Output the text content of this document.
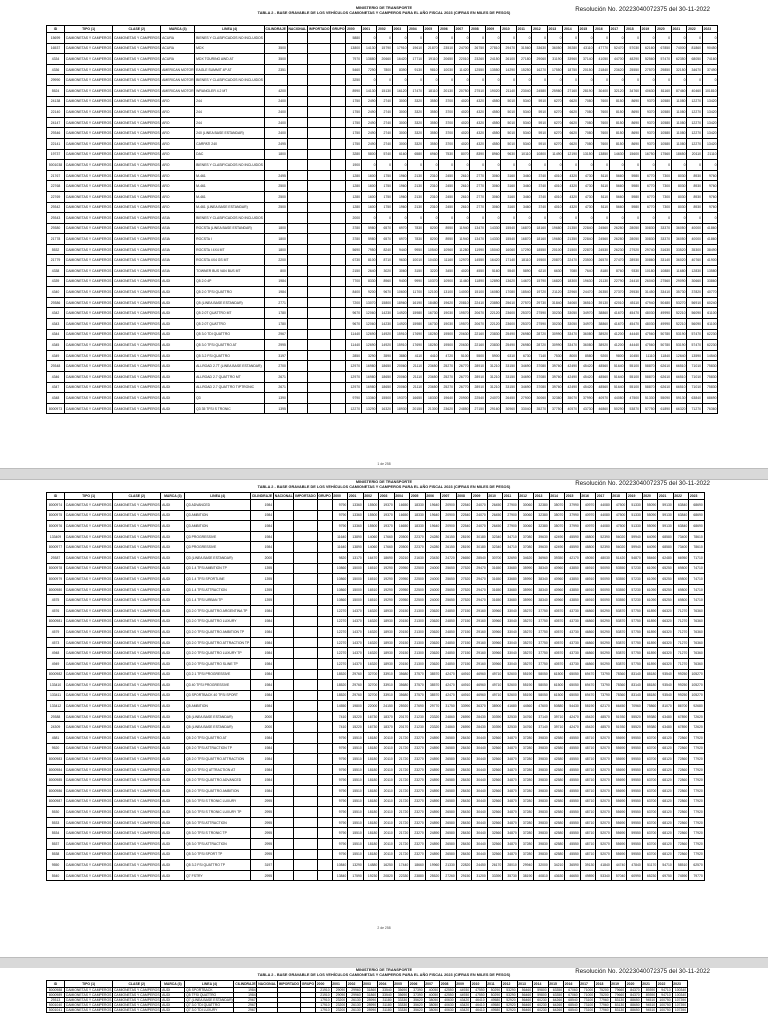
MINISTERIO DE TRANSPORTE
TABLA 2 - BASE GRAVABLE DE LOS VEHÍCULOS CAMIONETAS Y CAMPEROS PARA EL AÑO FISCAL 2023 (CIFRAS EN MILES DE PESOS)	Resolución No. 20223040072375 del 30-11-2022
ID	TIPO (1)	CLASE (2)	MARCA (3)	LINEA (4)	CILINDRAJE	NACIONAL	IMPORTADO	GRUPO	2000	2001	2002	2003	2004	2005	2006	2007	2008	2009	2010	2011	2012	2013	2014	2015	2016	2017	2018	2019	2020	2021	2022	2023
15699	CAMIONETAS Y CAMPEROS	CAMIONETAS Y CAMPEROS	ACURA	BIENES Y CLASIFICADOS NO INCLUIDOS					5880	0	0	0	0	0	0	0	0	0	0	0	0	0	0	0	0	0	0	0	0	0	0	0
16537	CAMIONETAS Y CAMPEROS	CAMIONETAS Y CAMPEROS	ACURA	MDX	3500				13800	14130	15790	17910	19610	21870	23510	24700	26750	27810	29470	31560	33630	36050	39280	43110	47770	52470	57030	62160	67850	74000	81860	90450
4334	CAMIONETAS Y CAMPEROS	CAMIONETAS Y CAMPEROS	ACURA	MDX TOURING AWD AT	3500				7970	13880	20660	16420	17710	19110	20650	22010	23260	24150	26100	27180	29060	31190	33960	37140	41050	44700	48290	52560	57470	62350	68050	74160
4336	CAMIONETAS Y CAMPEROS	CAMIONETAS Y CAMPEROS	AMERICAN MOTOR	EAGLE SUMMIT 4P AT	2351				5460	7290	7800	8390	9130	9810	10030	11420	12550	13550	14290	15250	16270	17550	18750	20150	21840	23620	25550	27570	29850	32150	34670	37490
29990	CAMIONETAS Y CAMPEROS	CAMIONETAS Y CAMPEROS	AMERICAN MOTOR	BIENES Y CLASIFICADOS NO INCLUIDOS					3250	0	0	0	0	0	0	0	0	0	0	0	0	0	0	0	0	0	0	0	0	0	0	0
5524	CAMIONETAS Y CAMPEROS	CAMIONETAS Y CAMPEROS	AMERICAN MOTOR	WRANGLER 4.2 MT	4200				8990	14130	15130	16120	17470	18110	20130	20750	27510	19020	21140	23040	24580	25980	27160	28190	30400	32120	34760	40630	81160	87460	40460	101810
24138	CAMIONETAS Y CAMPEROS	CAMIONETAS Y CAMPEROS	ARO	244	2400				1750	2490	2740	3000	3320	3550	3700	4020	4320	4550	5010	5340	5910	6270	6620	7080	7600	8150	8690	9370	10580	11080	12270	13420
22140	CAMIONETAS Y CAMPEROS	CAMIONETAS Y CAMPEROS	ARO	244	2400				1750	2490	2740	3000	3320	3550	3700	4020	4320	4550	5010	5340	5910	6270	6620	7080	7600	8150	8690	9370	10580	11080	12270	13420
24147	CAMIONETAS Y CAMPEROS	CAMIONETAS Y CAMPEROS	ARO	244	2400				1750	2490	2740	3000	3320	3550	3700	4020	4320	4550	5010	5340	5910	6270	6620	7080	7600	8150	8690	9370	10580	11080	12270	13420
29346	CAMIONETAS Y CAMPEROS	CAMIONETAS Y CAMPEROS	ARO	240 (LINEA BASE ESTANDAR)	2400				1750	2490	2740	3000	3320	3550	3700	4020	4320	4550	5010	5340	5910	6270	6620	7080	7600	8150	8690	9370	10580	11080	12270	13420
22141	CAMIONETAS Y CAMPEROS	CAMIONETAS Y CAMPEROS	ARO	CARPATI 240	2495				1750	2490	2740	3000	3320	3550	3700	4020	4320	4550	5010	5340	5910	6270	6620	7080	7600	8150	8690	9370	10580	11080	12270	13420
19737	CAMIONETAS Y CAMPEROS	CAMIONETAS Y CAMPEROS	ARO	DAC	1800				3280	5800	5740	6160	6580	6960	7530	8070	8390	8960	9630	10110	10800	11490	12190	13150	13850	14630	15600	16750	17560	18650	20110	21110
5001038	CAMIONETAS Y CAMPEROS	CAMIONETAS Y CAMPEROS	ARO	BIENES Y CLASIFICADOS NO INCLUIDOS					1900	0	0	0	0	0	0	0	0	0	0	0	0	0	0	0	0	0	0	0	0	0	0	0
21767	CAMIONETAS Y CAMPEROS	CAMIONETAS Y CAMPEROS	ARO	M-461	2495				1280	1600	1750	1960	2130	2310	2450	2610	2770	3060	3160	3460	3740	4010	4320	4730	5110	5660	5980	6770	7300	8030	8930	9760
22768	CAMIONETAS Y CAMPEROS	CAMIONETAS Y CAMPEROS	ARO	M-461	2500				1280	1600	1750	1960	2130	2310	2450	2610	2770	3060	3160	3460	3740	4010	4320	4730	5110	5660	5980	6770	7300	8030	8930	9760
22769	CAMIONETAS Y CAMPEROS	CAMIONETAS Y CAMPEROS	ARO	M-461	2500				1280	1600	1750	1960	2130	2310	2450	2610	2770	3060	3160	3460	3740	4010	4320	4730	5110	5660	5980	6770	7300	8030	8930	9760
29342	CAMIONETAS Y CAMPEROS	CAMIONETAS Y CAMPEROS	ARO	M-461 (LINEA BASE ESTANDAR)	2500				1280	1600	1750	1960	2130	2310	2450	2610	2770	3060	3160	3460	3740	4010	4320	4730	5110	5660	5980	6770	7300	8030	8930	9760
29343	CAMIONETAS Y CAMPEROS	CAMIONETAS Y CAMPEROS	ASIA	BIENES Y CLASIFICADOS NO INCLUIDOS					2000	0	0	0	0	0	0	0	0	0	0	0	0	0	0	0	0	0	0	0	0	0	0	0
29380	CAMIONETAS Y CAMPEROS	CAMIONETAS Y CAMPEROS	ASIA	ROCSTA (LINEA BASE ESTANDAR)	1800				3780	5980	6570	6970	7830	8200	8950	11940	13470	14330	15540	16870	18160	19680	21350	22840	24560	26280	28050	30830	33370	36050	40000	41860
21778	CAMIONETAS Y CAMPEROS	CAMIONETAS Y CAMPEROS	ASIA	ROCSTA I	1800				3780	5980	6570	6970	7830	8200	8950	11940	13470	14330	15540	16870	18160	19680	21350	22840	24560	26280	28050	30830	33370	36050	40000	41860
5532	CAMIONETAS Y CAMPEROS	CAMIONETAS Y CAMPEROS	ASIA	ROCSTA I 4X4 MT	1800				5690	7950	8240	9440	9950	10540	10960	11280	11990	15040	16060	17290	18550	20100	21500	22870	24530	26230	27920	29740	31630	33520	35300	38490
21779	CAMIONETAS Y CAMPEROS	CAMIONETAS Y CAMPEROS	ASIA	ROCSTA 4X4 GS MT	2200				6730	8100	8710	9630	10010	10430	11160	12970	14550	16420	17140	18110	19500	20870	22470	23500	26570	27470	28930	30860	33140	36020	40760	41900
4338	CAMIONETAS Y CAMPEROS	CAMIONETAS Y CAMPEROS	ASIA	TOWNER BUS VAN BUS MT	800				2150	2640	3020	3060	3150	3220	3450	4020	4550	5160	5540	5890	6210	6630	7080	7640	8180	8760	9330	10180	10880	11680	12830	13580
4339	CAMIONETAS Y CAMPEROS	CAMIONETAS Y CAMPEROS	AUDI	Q5 2.0 4P	1984				7700	8330	8960	9400	9990	10370	10900	11460	11890	12890	13620	14670	15790	16820	18300	19630	21130	22790	24410	26040	27560	29090	30660	33860
4340	CAMIONETAS Y CAMPEROS	CAMIONETAS Y CAMPEROS	AUDI	Q5 2.0 TFSI QUATTRO	1984				8400	9200	9670	10600	11700	12100	13100	14000	15100	16080	17080	18540	19720	21120	22960	24470	26350	27370	29530	31450	33410	35730	37820	40770
29386	CAMIONETAS Y CAMPEROS	CAMIONETAS Y CAMPEROS	AUDI	Q5 (LINEA BASE ESTANDAR)	2771				7200	13070	15800	18960	16190	18480	19620	20810	22410	23850	25610	27570	29730	31840	34060	36510	39130	42010	45110	47940	50480	53270	56910	60240
4342	CAMIONETAS Y CAMPEROS	CAMIONETAS Y CAMPEROS	AUDI	Q5 2.0T QUATTRO MT	1780				9670	12060	14230	14920	15980	16730	19030	19570	20670	22120	23600	25370	27590	30230	33050	34970	38860	41670	45470	48030	49990	52210	56090	61100
4343	CAMIONETAS Y CAMPEROS	CAMIONETAS Y CAMPEROS	AUDI	Q5 2.0T QUATTRO	1780				9670	12060	14230	14920	15980	16730	19030	19570	20670	22120	23600	25370	27590	30230	33050	34970	38860	41670	45470	48030	49990	52210	56090	61100
4344	CAMIONETAS Y CAMPEROS	CAMIONETAS Y CAMPEROS	AUDI	Q5 3.0 TDI QUATTRO	2967				11440	12690	14920	15910	17690	18250	19500	20630	22160	23830	25490	26980	28720	30990	33470	36080	38920	41200	44440	47560	50780	53190	57470	62230
4345	CAMIONETAS Y CAMPEROS	CAMIONETAS Y CAMPEROS	AUDI	Q5 3.0 TFSI QUATTRO AT	2995				11440	12690	14920	15910	17690	18250	19500	20630	22160	23830	25490	26980	28720	30990	33470	36080	38920	41200	44440	47560	50780	53190	57470	62230
4349	CAMIONETAS Y CAMPEROS	CAMIONETAS Y CAMPEROS	AUDI	Q5 3.2 FSI QUATTRO	3197				2850	3290	3590	3880	4110	4410	4720	5100	5500	5900	6310	6730	7140	7530	8000	8580	9200	9800	10450	11110	11840	12640	13590	14540
29348	CAMIONETAS Y CAMPEROS	CAMIONETAS Y CAMPEROS	AUDI	ALLROAD 2.7T (LINEA BASE ESTANDAR)	2700				12970	16980	18650	20060	21110	23650	25270	26770	28910	31210	33150	34690	37080	39760	42490	45420	48560	51640	55100	58870	62610	66510	71010	75830
4346	CAMIONETAS Y CAMPEROS	CAMIONETAS Y CAMPEROS	AUDI	ALLROAD 2.7 QUATTRO MT	2671				12970	16980	18650	20060	21110	23650	25270	26770	28910	31210	33150	34690	37080	39760	42490	45420	48560	51640	55100	58870	62610	66510	71010	75830
4347	CAMIONETAS Y CAMPEROS	CAMIONETAS Y CAMPEROS	AUDI	ALLROAD 2.7 QUATTRO TIPTRONIC	2671				12970	16980	18650	20060	21110	23650	25270	26770	28910	31210	33150	34690	37080	39760	42490	45420	48560	51640	55100	58870	62610	66510	71010	75830
4348	CAMIONETAS Y CAMPEROS	CAMIONETAS Y CAMPEROS	AUDI	Q3	1390				9790	13360	15500	19370	16650	18330	19640	20900	22540	24070	26450	27900	30060	32380	35070	37990	40970	44080	47500	51330	55090	59130	63840	68690
8000973	CAMIONETAS Y CAMPEROS	CAMIONETAS Y CAMPEROS	AUDI	Q3 35 TFSI S TRONIC	1395				12270	13290	16320	18930	20150	21300	23620	24850	27150	29160	30960	33040	35270	37750	40570	43730	46860	50290	53870	57750	61890	66320	71270	76360
1 de 258
MINISTERIO DE TRANSPORTE
TABLA 2 - BASE GRAVABLE DE LOS VEHÍCULOS CAMIONETAS Y CAMPEROS PARA EL AÑO FISCAL 2023 (CIFRAS EN MILES DE PESOS)	Resolución No. 20223040072375 del 30-11-2022
ID	TIPO (1)	CLASE (2)	MARCA (3)	LINEA (4)	CILINDRAJE	NACIONAL	IMPORTADO	GRUPO	2000	2001	2002	2003	2004	2005	2006	2007	2008	2009	2010	2011	2012	2013	2014	2015	2016	2017	2018	2019	2020	2021	2022	2023
8000974	CAMIONETAS Y CAMPEROS	CAMIONETAS Y CAMPEROS	AUDI	Q3 ADVANCED	1984				9790	13360	15500	19370	16650	18330	19640	20900	22540	24070	26450	27900	30060	32380	35070	37990	40970	44080	47500	51330	55090	59130	63840	68690
8000975	CAMIONETAS Y CAMPEROS	CAMIONETAS Y CAMPEROS	AUDI	Q3 AMBITION	1984				9790	13360	15500	19370	16650	18330	19640	20900	22540	24070	26450	27900	30060	32380	35070	37990	40970	44080	47500	51330	55090	59130	63840	68690
8000976	CAMIONETAS Y CAMPEROS	CAMIONETAS Y CAMPEROS	AUDI	Q3 AMBITION	1984				9790	13360	15500	19370	16650	18330	19640	20900	22540	24070	26450	27900	30060	32380	35070	37990	40970	44080	47500	51330	55090	59130	63840	68690
133409	CAMIONETAS Y CAMPEROS	CAMIONETAS Y CAMPEROS	AUDI	Q3 PROGRESSIVE	1984				11640	13890	14060	17660	20500	22370	24280	26150	28190	30180	32340	34710	37080	39630	42490	45590	48800	52390	56020	59940	64090	68580	73400	78610
8000977	CAMIONETAS Y CAMPEROS	CAMIONETAS Y CAMPEROS	AUDI	Q3 PROGRESSIVE	1984				11640	13890	14060	17660	20500	22370	24280	26150	28190	30180	32340	34710	37080	39630	42490	45590	48800	52390	56020	59940	64090	68580	73400	78610
29387	CAMIONETAS Y CAMPEROS	CAMIONETAS Y CAMPEROS	AUDI	Q3 (LINEA BASE ESTANDAR)	2000				9820	13170	16470	18690	20210	21630	23430	24720	26650	28540	30700	32690	34620	36960	39350	42170	45050	48030	51420	54870	58460	62480	66950	71710
8000978	CAMIONETAS Y CAMPEROS	CAMIONETAS Y CAMPEROS	AUDI	Q3 1.4 TFSI AMBITION TP	1395				10860	15000	16510	19290	20950	22500	24000	25650	27520	29470	31650	33680	35990	38340	40960	43850	46910	50090	53550	57230	61090	65250	69800	74710
8000979	CAMIONETAS Y CAMPEROS	CAMIONETAS Y CAMPEROS	AUDI	Q3 1.4 TFSI SPORTLINE	1395				10860	15000	16510	19290	20950	22500	24000	25650	27520	29470	31650	33680	35990	38340	40960	43850	46910	50090	53550	57230	61090	65250	69800	74710
8000980	CAMIONETAS Y CAMPEROS	CAMIONETAS Y CAMPEROS	AUDI	Q3 1.4 TFSI ATTRACTION	1395				10860	15000	16510	19290	20950	22500	24000	25650	27520	29470	31650	33680	35990	38340	40960	43850	46910	50090	53550	57230	61090	65250	69800	74710
4575	CAMIONETAS Y CAMPEROS	CAMIONETAS Y CAMPEROS	AUDI	Q3 1.4 TFSI URBAN TP	1395				10860	15000	16510	19290	20950	22500	24000	25650	27520	29470	31650	33680	35990	38340	40960	43850	46910	50090	53550	57230	61090	65250	69800	74710
4576	CAMIONETAS Y CAMPEROS	CAMIONETAS Y CAMPEROS	AUDI	Q3 2.0 TFSI QUATTRO ARGENTINA TP	1984				12270	14370	16320	18930	20150	21300	23620	24850	27150	29160	30960	33040	35270	37750	40570	43730	46860	50290	53870	57750	61890	66320	71270	76360
8000981	CAMIONETAS Y CAMPEROS	CAMIONETAS Y CAMPEROS	AUDI	Q3 2.0 TFSI QUATTRO LUXURY	1984				12270	14370	16320	18930	20150	21300	23620	24850	27150	29160	30960	33040	35270	37750	40570	43730	46860	50290	53870	57750	61890	66320	71270	76360
4579	CAMIONETAS Y CAMPEROS	CAMIONETAS Y CAMPEROS	AUDI	Q3 2.0 TFSI QUATTRO AMBITION TP	1984				12270	14370	16320	18930	20150	21300	23620	24850	27150	29160	30960	33040	35270	37750	40570	43730	46860	50290	53870	57750	61890	66320	71270	76360
4573	CAMIONETAS Y CAMPEROS	CAMIONETAS Y CAMPEROS	AUDI	Q3 2.0 TFSI QUATTRO ATTRACTION TP	1984				12270	14370	16320	18930	20150	21300	23620	24850	27150	29160	30960	33040	35270	37750	40570	43730	46860	50290	53870	57750	61890	66320	71270	76360
4948	CAMIONETAS Y CAMPEROS	CAMIONETAS Y CAMPEROS	AUDI	Q3 2.0 TFSI QUATTRO LUXURY TP	1984				12270	14370	16320	18930	20150	21300	23620	24850	27150	29160	30960	33040	35270	37750	40570	43730	46860	50290	53870	57750	61890	66320	71270	76360
4949	CAMIONETAS Y CAMPEROS	CAMIONETAS Y CAMPEROS	AUDI	Q3 2.0 TFSI QUATTRO SLINE TP	1984				12270	14370	16320	18930	20150	21300	23620	24850	27150	29160	30960	33040	35270	37750	40570	43730	46860	50290	53870	57750	61890	66320	71270	76360
8000982	CAMIONETAS Y CAMPEROS	CAMIONETAS Y CAMPEROS	AUDI	Q3 2.1 TFSI PROGRESSIVE	1984				18520	29760	32700	33910	35680	37570	38570	42470	44910	46960	49710	52600	55190	58050	61500	65050	69470	73790	78360	83140	88180	93540	99250	105270
133410	CAMIONETAS Y CAMPEROS	CAMIONETAS Y CAMPEROS	AUDI	Q3 40 TFSI PROGRESSIVE	1984				18520	29760	32700	33910	35680	37570	38570	42470	44910	46960	49710	52600	55190	58050	61500	65050	69470	73790	78360	83140	88180	93540	99250	105270
133411	CAMIONETAS Y CAMPEROS	CAMIONETAS Y CAMPEROS	AUDI	Q3 SPORTBACK 40 TFSI SPORT	1984				18520	29760	32700	33910	35680	37570	38570	42470	44910	46960	49710	52600	55190	58050	61500	65050	69470	73790	78360	83140	88180	93540	99250	105270
133412	CAMIONETAS Y CAMPEROS	CAMIONETAS Y CAMPEROS	AUDI	Q5 AMBITION	1984				14550	19800	22000	24150	25920	27690	29770	31750	33990	36370	38900	41680	44560	47600	50880	54430	58190	62170	66450	70960	75860	81070	86700	92680
29388	CAMIONETAS Y CAMPEROS	CAMIONETAS Y CAMPEROS	AUDI	Q5 (LINEA BASE ESTANDAR)	2000				7410	15220	16730	18370	20170	21230	23320	24860	26590	28430	30390	32530	34760	37140	39710	42470	45420	48570	51930	55520	59380	63480	67890	72620
24309	CAMIONETAS Y CAMPEROS	CAMIONETAS Y CAMPEROS	AUDI	Q5 (LINEA BASE ESTANDAR)	2000				7410	15220	16730	18370	20170	21230	23320	24860	26590	28430	30390	32530	34760	37140	39710	42470	45420	48570	51930	55520	59380	63480	67890	72620
4581	CAMIONETAS Y CAMPEROS	CAMIONETAS Y CAMPEROS	AUDI	Q5 2.0 TFSI QUATTRO AT	1984				9790	15510	18180	20110	21720	23270	24890	26580	28430	30440	32560	34870	37280	39830	42580	45550	48710	52070	55690	59550	63700	68120	72860	77920
9520	CAMIONETAS Y CAMPEROS	CAMIONETAS Y CAMPEROS	AUDI	Q5 2.0 TFSI ATTRACTION TP	1984				9790	15510	18180	20110	21720	23270	24890	26580	28430	30440	32560	34870	37280	39830	42580	45550	48710	52070	55690	59550	63700	68120	72860	77920
8000983	CAMIONETAS Y CAMPEROS	CAMIONETAS Y CAMPEROS	AUDI	Q5 2.0 TFSI QUATTRO ATTRACTION	1984				9790	15510	18180	20110	21720	23270	24890	26580	28430	30440	32560	34870	37280	39830	42580	45550	48710	52070	55690	59550	63700	68120	72860	77920
8000984	CAMIONETAS Y CAMPEROS	CAMIONETAS Y CAMPEROS	AUDI	Q5 2.0 TFSI Q ATTRACTION AT	1984				9790	15510	18180	20110	21720	23270	24890	26580	28430	30440	32560	34870	37280	39830	42580	45550	48710	52070	55690	59550	63700	68120	72860	77920
8000985	CAMIONETAS Y CAMPEROS	CAMIONETAS Y CAMPEROS	AUDI	Q5 2.0 TFSI QUATTRO ADVANCED	1984				9790	15510	18180	20110	21720	23270	24890	26580	28430	30440	32560	34870	37280	39830	42580	45550	48710	52070	55690	59550	63700	68120	72860	77920
8000986	CAMIONETAS Y CAMPEROS	CAMIONETAS Y CAMPEROS	AUDI	Q5 2.0 TFSI QUATTRO AMBITION	1984				9790	15510	18180	20110	21720	23270	24890	26580	28430	30440	32560	34870	37280	39830	42580	45550	48710	52070	55690	59550	63700	68120	72860	77920
8000987	CAMIONETAS Y CAMPEROS	CAMIONETAS Y CAMPEROS	AUDI	Q5 3.0 TFSI S TRONIC LUXURY	2995				9790	15510	18180	20110	21720	23270	24890	26580	28430	30440	32560	34870	37280	39830	42580	45550	48710	52070	55690	59550	63700	68120	72860	77920
5530	CAMIONETAS Y CAMPEROS	CAMIONETAS Y CAMPEROS	AUDI	Q5 3.0 TFSI S TRONIC LUXURY TP	2995				9790	15510	18180	20110	21720	23270	24890	26580	28430	30440	32560	34870	37280	39830	42580	45550	48710	52070	55690	59550	63700	68120	72860	77920
5533	CAMIONETAS Y CAMPEROS	CAMIONETAS Y CAMPEROS	AUDI	Q5 3.0 TFSI ATTRACTION	2995				9790	15510	18180	20110	21720	23270	24890	26580	28430	30440	32560	34870	37280	39830	42580	45550	48710	52070	55690	59550	63700	68120	72860	77920
5534	CAMIONETAS Y CAMPEROS	CAMIONETAS Y CAMPEROS	AUDI	Q5 3.0 TFSI S TRONIC TP	2995				9790	15510	18180	20110	21720	23270	24890	26580	28430	30440	32560	34870	37280	39830	42580	45550	48710	52070	55690	59550	63700	68120	72860	77920
5537	CAMIONETAS Y CAMPEROS	CAMIONETAS Y CAMPEROS	AUDI	Q5 3.0 TFSI ATTRACTION	2995				9790	15510	18180	20110	21720	23270	24890	26580	28430	30440	32560	34870	37280	39830	42580	45550	48710	52070	55690	59550	63700	68120	72860	77920
5538	CAMIONETAS Y CAMPEROS	CAMIONETAS Y CAMPEROS	AUDI	Q5 3.0 TFSI SPORT TP	2995				9790	15510	18180	20110	21720	23270	24890	26580	28430	30440	32560	34870	37280	39830	42580	45550	48710	52070	55690	59550	63700	68120	72860	77920
9550	CAMIONETAS Y CAMPEROS	CAMIONETAS Y CAMPEROS	AUDI	Q5 3.2 FSI QUATTRO TP	3197				10840	13290	14880	16250	17440	18660	19960	21330	22820	24450	26170	28010	29940	32000	34210	36590	39130	41840	44740	47840	51170	54710	58510	62570
5540	CAMIONETAS Y CAMPEROS	CAMIONETAS Y CAMPEROS	AUDI	Q7 FSTRY	2995				13840	17590	19230	20820	22330	23880	25520	27260	29150	31200	33390	35730	38190	40810	43630	46650	49890	53340	57040	60990	65230	69750	74590	79770
2 de 258
MINISTERIO DE TRANSPORTE
TABLA 2 - BASE GRAVABLE DE LOS VEHÍCULOS CAMIONETAS Y CAMPEROS PARA EL AÑO FISCAL 2023 (CIFRAS EN MILES DE PESOS)	Resolución No. 20223040072375 del 30-11-2022
ID	TIPO (1)	CLASE (2)	MARCA (3)	LINEA (4)	CILINDRAJE	NACIONAL	IMPORTADO	GRUPO	2000	2001	2002	2003	2004	2005	2006	2007	2008	2009	2010	2011	2012	2013	2014	2015	2016	2017	2018	2019	2020	2021	2022	2023
8000988	CAMIONETAS Y CAMPEROS	CAMIONETAS Y CAMPEROS	AUDI	Q5 SPORTBACK	1984				21910	29090	29960	31860	33540	35690	37390	40050	42550	44930	47550	50290	53290	56460	59800	63350	67060	71000	75200	79660	84370	89390	94710	100340
8000989	CAMIONETAS Y CAMPEROS	CAMIONETAS Y CAMPEROS	AUDI	Q5 TFSI QUATTRO	1984				21910	29090	29960	31860	33540	35690	37390	40050	42550	44930	47550	50290	53290	56460	59800	63350	67060	71000	75200	79660	84370	89390	94710	100340
29313	CAMIONETAS Y CAMPEROS	CAMIONETAS Y CAMPEROS	AUDI	Q7 (LINEA BASE ESTANDAR)	2967				17910	23200	26130	28990	31180	33330	35620	38050	40630	43420	46410	49580	52920	56460	60230	64260	68540	73100	77960	83130	88650	94510	100750	107390
5001040	CAMIONETAS Y CAMPEROS	CAMIONETAS Y CAMPEROS	AUDI	Q7 3.0 TDI QUATTRO	2967				17910	23200	26130	28990	31180	33330	35620	38050	40630	43420	46410	49580	52920	56460	60230	64260	68540	73100	77960	83130	88650	94510	100750	107390
5001041	CAMIONETAS Y CAMPEROS	CAMIONETAS Y CAMPEROS	AUDI	Q7 3.0 TDI LUXURY	2967				17910	23200	26130	28990	31180	33330	35620	38050	40630	43420	46410	49580	52920	56460	60230	64260	68540	73100	77960	83130	88650	94510	100750	107390
